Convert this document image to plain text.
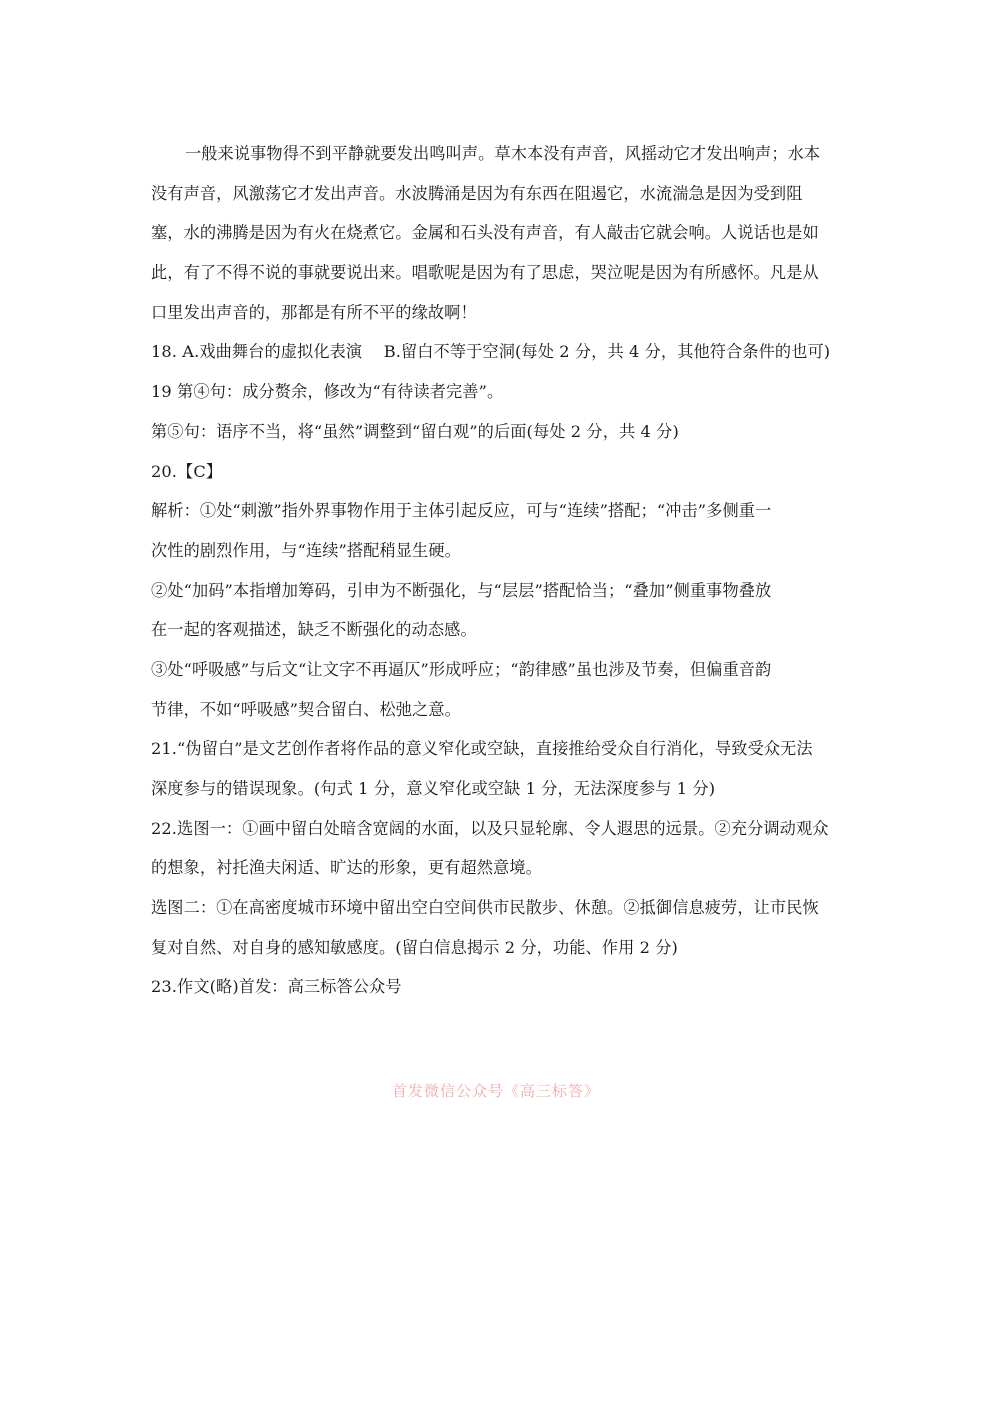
一般来说事物得不到平静就要发出鸣叫声。草木本没有声音，风摇动它才发出响声；水本
没有声音，风激荡它才发出声音。水波腾涌是因为有东西在阻遏它，水流湍急是因为受到阻
塞，水的沸腾是因为有火在烧煮它。金属和石头没有声音，有人敲击它就会响。人说话也是如
此，有了不得不说的事就要说出来。唱歌呢是因为有了思虑，哭泣呢是因为有所感怀。凡是从
口里发出声音的，那都是有所不平的缘故啊！
18. A.戏曲舞台的虚拟化表演　 B.留白不等于空洞(每处 2 分，共 4 分，其他符合条件的也可)
19 第④句：成分赘余，修改为“有待读者完善”。
第⑤句：语序不当，将“虽然”调整到“留白观”的后面(每处 2 分，共 4 分)
20.【C】
解析：①处“刺激”指外界事物作用于主体引起反应，可与“连续”搭配；“冲击”多侧重一
次性的剧烈作用，与“连续”搭配稍显生硬。
②处“加码”本指增加筹码，引申为不断强化，与“层层”搭配恰当；“叠加”侧重事物叠放
在一起的客观描述，缺乏不断强化的动态感。
③处“呼吸感”与后文“让文字不再逼仄”形成呼应；“韵律感”虽也涉及节奏，但偏重音韵
节律，不如“呼吸感”契合留白、松弛之意。
21.“伪留白”是文艺创作者将作品的意义窄化或空缺，直接推给受众自行消化，导致受众无法
深度参与的错误现象。(句式 1 分，意义窄化或空缺 1 分，无法深度参与 1 分)
22.选图一：①画中留白处暗含宽阔的水面，以及只显轮廓、令人遐思的远景。②充分调动观众
的想象，衬托渔夫闲适、旷达的形象，更有超然意境。
选图二：①在高密度城市环境中留出空白空间供市民散步、休憩。②抵御信息疲劳，让市民恢
复对自然、对自身的感知敏感度。(留白信息揭示 2 分，功能、作用 2 分)
23.作文(略)首发：高三标答公众号
首发微信公众号《高三标答》
